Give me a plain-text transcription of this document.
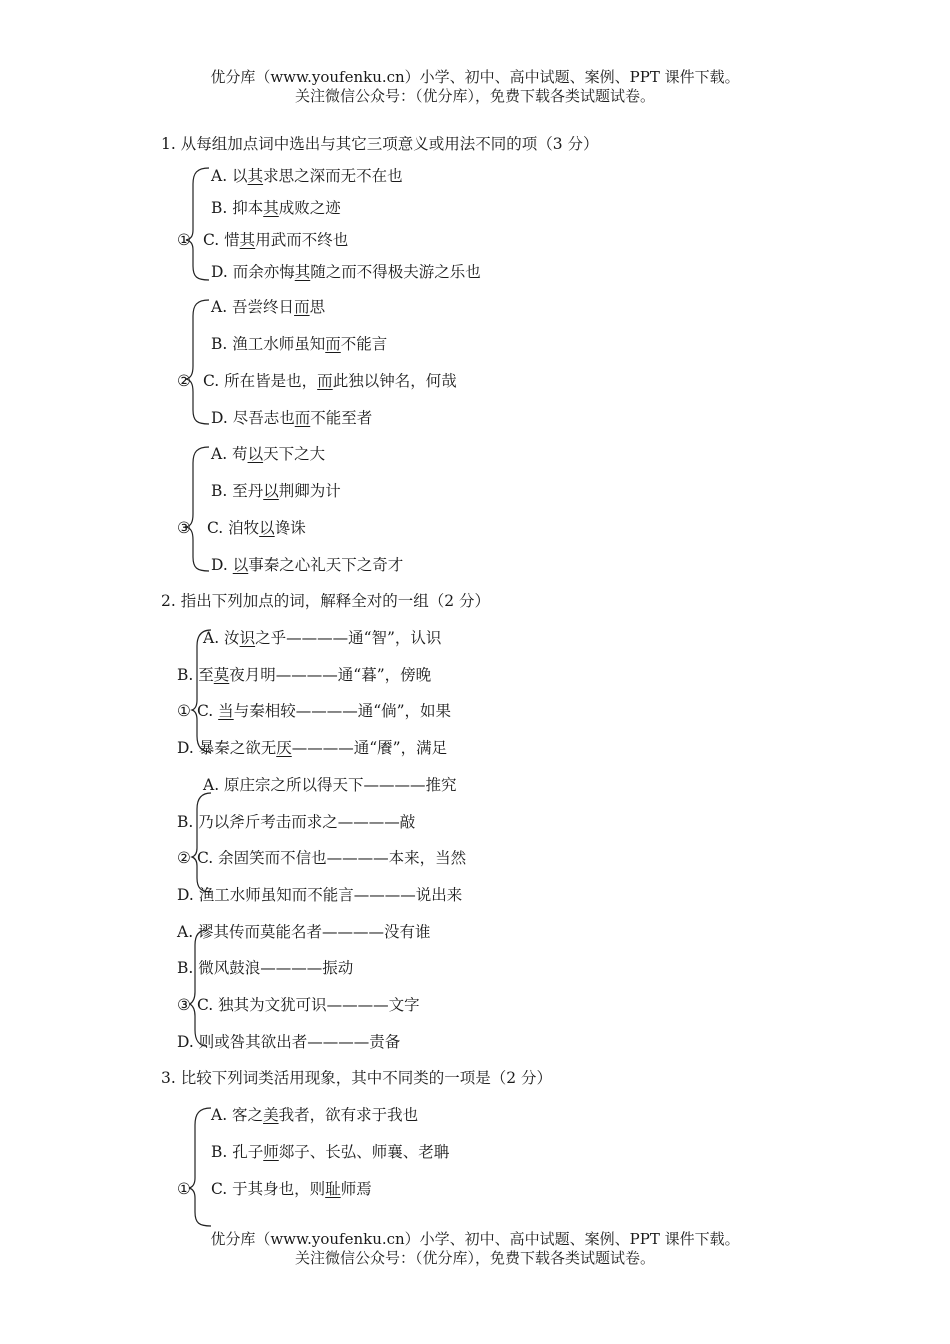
优分库（www.youfenku.cn）小学、初中、高中试题、案例、PPT 课件下载。
关注微信公众号：（优分库），免费下载各类试题试卷。
1. 从每组加点词中选出与其它三项意义或用法不同的项（3 分）
A. 以其求思之深而无不在也
B. 抑本其成败之迹
① C. 惜其用武而不终也
D. 而余亦悔其随之而不得极夫游之乐也
A. 吾尝终日而思
B. 渔工水师虽知而不能言
② C. 所在皆是也，而此独以钟名，何哉
D. 尽吾志也而不能至者
A. 苟以天下之大
B. 至丹以荆卿为计
③ C. 洎牧以谗诛
D. 以事秦之心礼天下之奇才
2. 指出下列加点的词，解释全对的一组（2 分）
A. 汝识之乎————通“智”，认识
B. 至莫夜月明————通“暮”，傍晚
① C. 当与秦相较————通“倘”，如果
D. 暴秦之欲无厌————通“餍”，满足
A. 原庄宗之所以得天下————推究
B. 乃以斧斤考击而求之————敲
② C. 余固笑而不信也————本来，当然
D. 渔工水师虽知而不能言————说出来
A. 谬其传而莫能名者————没有谁
B. 微风鼓浪————振动
③ C. 独其为文犹可识————文字
D. 则或咎其欲出者————责备
3. 比较下列词类活用现象，其中不同类的一项是（2 分）
A. 客之美我者，欲有求于我也
B. 孔子师郯子、长弘、师襄、老聃
① C. 于其身也，则耻师焉
优分库（www.youfenku.cn）小学、初中、高中试题、案例、PPT 课件下载。
关注微信公众号：（优分库），免费下载各类试题试卷。
